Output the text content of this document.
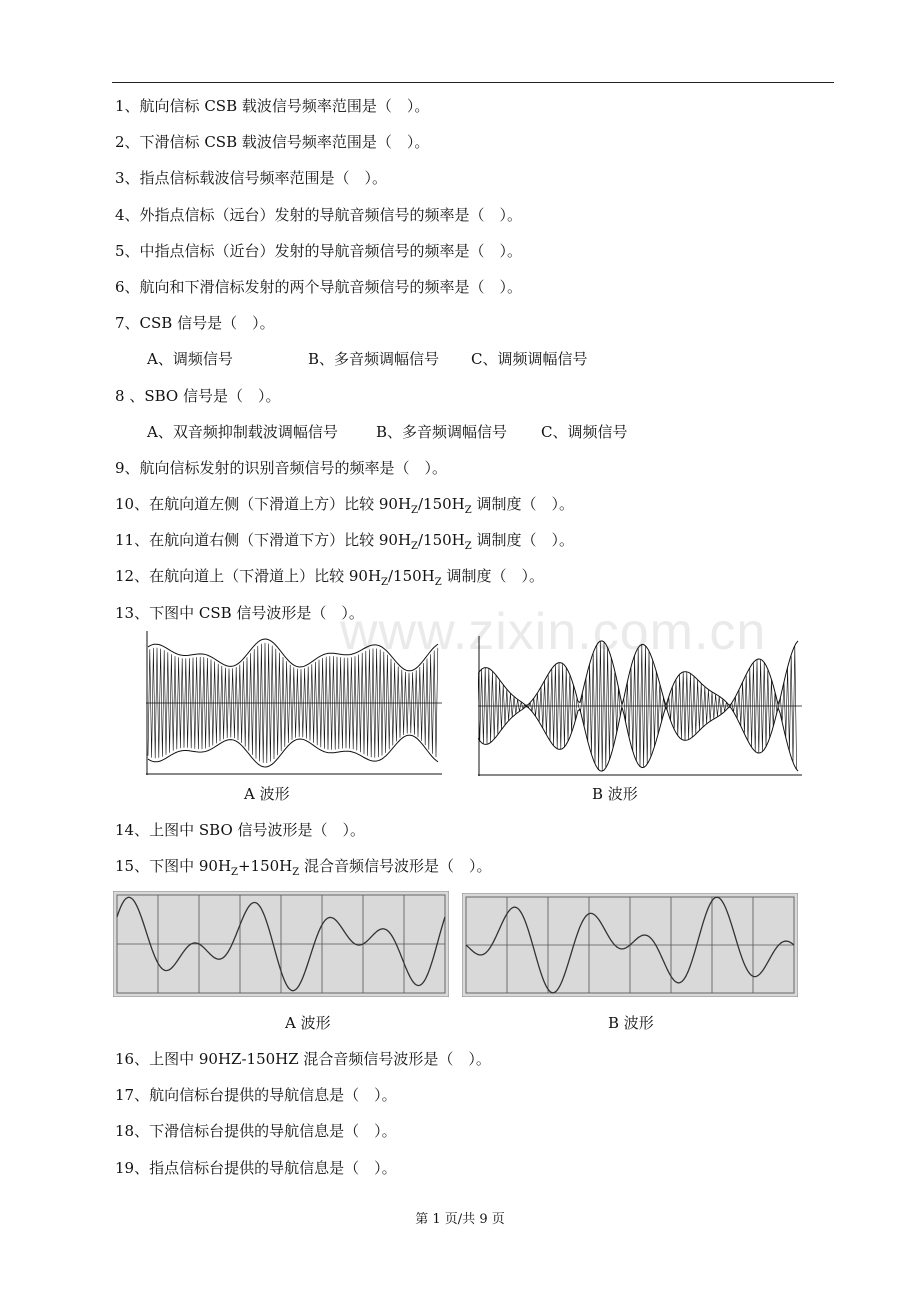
1、航向信标 CSB 载波信号频率范围是（　）。
2、下滑信标 CSB 载波信号频率范围是（　）。
3、指点信标载波信号频率范围是（　）。
4、外指点信标（远台）发射的导航音频信号的频率是（　）。
5、中指点信标（近台）发射的导航音频信号的频率是（　）。
6、航向和下滑信标发射的两个导航音频信号的频率是（　）。
7、CSB 信号是（　）。
A、调频信号	B、多音频调幅信号 C、调频调幅信号
8 、SBO 信号是（　）。
A、双音频抑制载波调幅信号	B、多音频调幅信号 C、调频信号
9、航向信标发射的识别音频信号的频率是（　）。
10、在航向道左侧（下滑道上方）比较 $90H_Z/150H_Z$ 调制度（　）。
11、在航向道右侧（下滑道下方）比较 $90H_Z/150H_Z$ 调制度（　）。
12、在航向道上（下滑道上）比较 $90H_Z/150H_Z$ 调制度（　）。
13、下图中 CSB 信号波形是（　）。
www.zixin.com.cn
A 波形	B 波形
14、上图中 SBO 信号波形是（　）。
15、下图中 $90H_Z+150H_Z$ 混合音频信号波形是（　）。
A 波形	B 波形
16、上图中 90HZ-150HZ 混合音频信号波形是（　）。
17、航向信标台提供的导航信息是（　）。
18、下滑信标台提供的导航信息是（　）。
19、指点信标台提供的导航信息是（　）。
第 1 页/共 9 页
